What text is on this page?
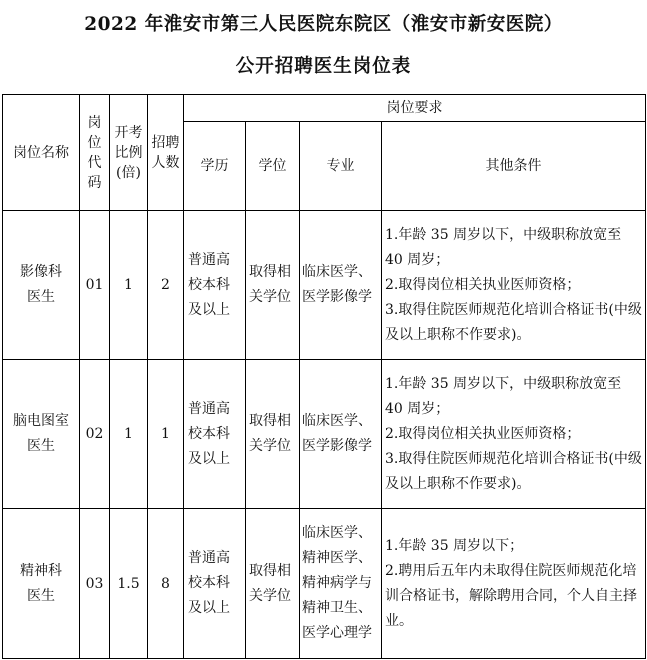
2022 年淮安市第三人民医院东院区（淮安市新安医院）
公开招聘医生岗位表
岗位名称	岗位代码	开考比例(倍)	招聘人数	岗位要求			
				学历	学位	专业	其他条件
影像科医生	01	1	2	普通高校本科及以上	取得相关学位	临床医学、医学影像学	1.年龄 35 周岁以下，中级职称放宽至 40 周岁；
2.取得岗位相关执业医师资格；
3.取得住院医师规范化培训合格证书(中级及以上职称不作要求)。

脑电图室医生	02	1	1	普通高校本科及以上	取得相关学位	临床医学、医学影像学	1.年龄 35 周岁以下，中级职称放宽至 40 周岁；
2.取得岗位相关执业医师资格；
3.取得住院医师规范化培训合格证书(中级及以上职称不作要求)。

精神科医生	03	1.5	8	普通高校本科及以上	取得相关学位	临床医学、精神医学、精神病学与精神卫生、医学心理学	1.年龄 35 周岁以下；
2.聘用后五年内未取得住院医师规范化培训合格证书，解除聘用合同，个人自主择业。
